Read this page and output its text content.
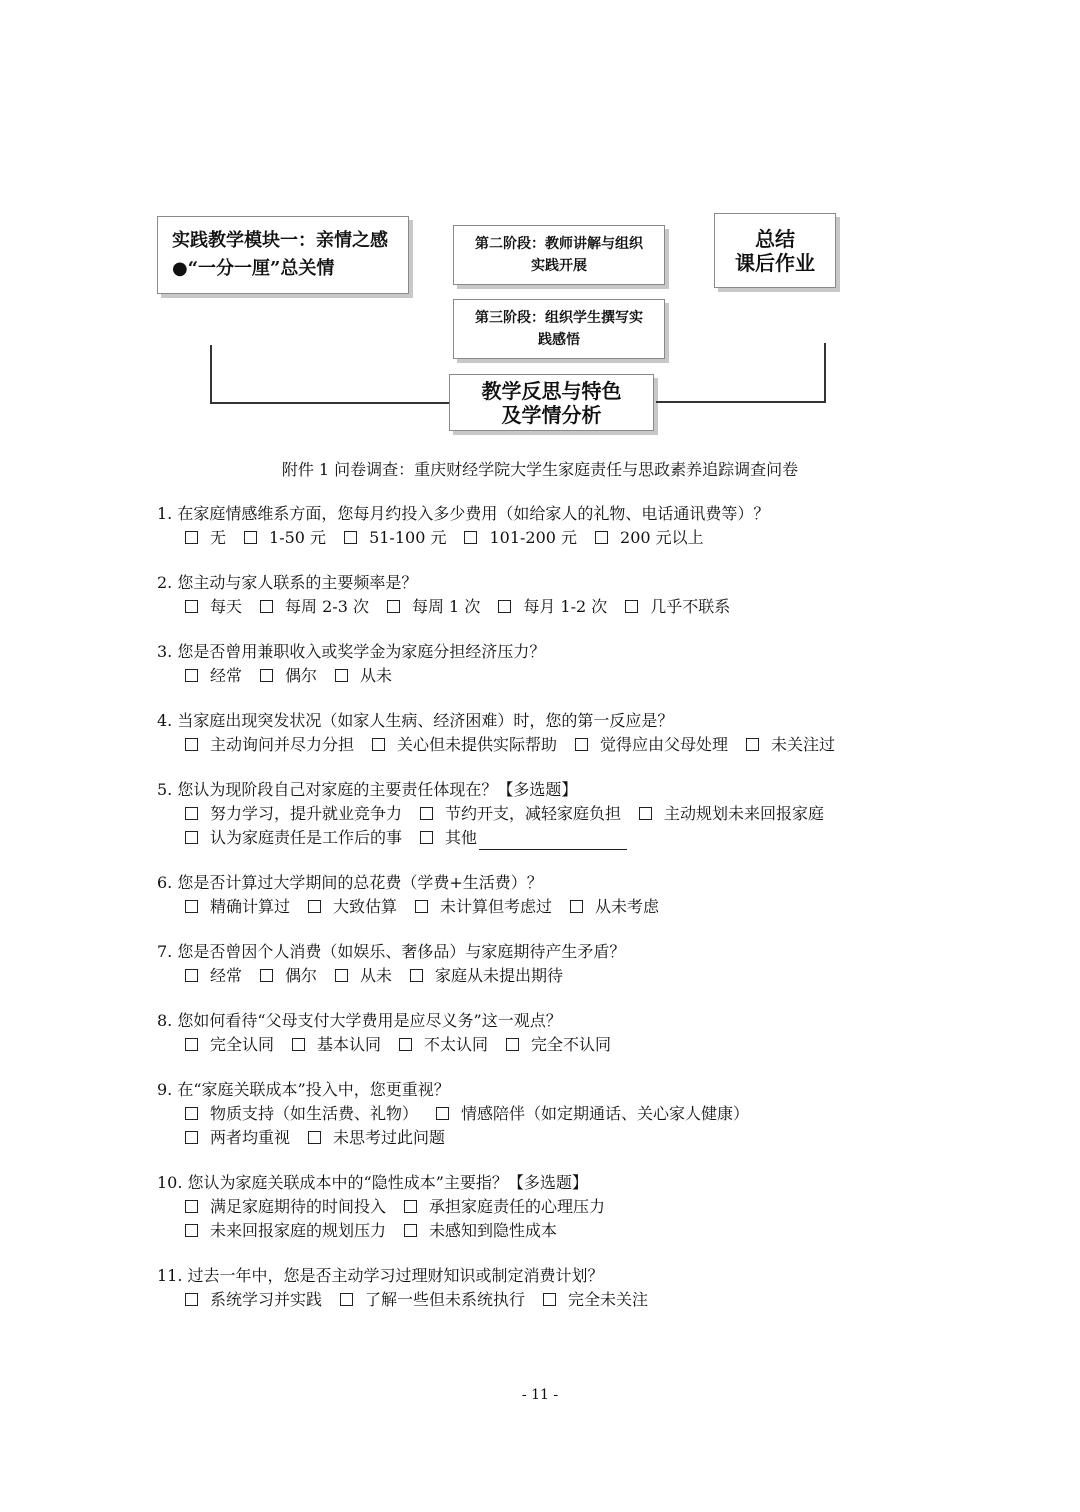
实践教学模块一：亲情之感
●“一分一厘”总关情
第二阶段：教师讲解与组织
实践开展
第三阶段：组织学生撰写实
践感悟
总结
课后作业
教学反思与特色
及学情分析
附件 1 问卷调查：重庆财经学院大学生家庭责任与思政素养追踪调查问卷
1. 在家庭情感维系方面，您每月约投入多少费用（如给家人的礼物、电话通讯费等）？
无	1-50 元	51-100 元	101-200 元	200 元以上
2. 您主动与家人联系的主要频率是？
每天	每周 2-3 次	每周 1 次	每月 1-2 次	几乎不联系
3. 您是否曾用兼职收入或奖学金为家庭分担经济压力？
经常	偶尔	从未
4. 当家庭出现突发状况（如家人生病、经济困难）时，您的第一反应是？
主动询问并尽力分担	关心但未提供实际帮助	觉得应由父母处理	未关注过
5. 您认为现阶段自己对家庭的主要责任体现在？【多选题】
努力学习，提升就业竞争力	节约开支，减轻家庭负担	主动规划未来回报家庭
认为家庭责任是工作后的事	其他
6. 您是否计算过大学期间的总花费（学费+生活费）？
精确计算过	大致估算	未计算但考虑过	从未考虑
7. 您是否曾因个人消费（如娱乐、奢侈品）与家庭期待产生矛盾？
经常	偶尔	从未	家庭从未提出期待
8. 您如何看待“父母支付大学费用是应尽义务”这一观点？
完全认同	基本认同	不太认同	完全不认同
9. 在“家庭关联成本”投入中，您更重视？
物质支持（如生活费、礼物）	情感陪伴（如定期通话、关心家人健康）
两者均重视	未思考过此问题
10. 您认为家庭关联成本中的“隐性成本”主要指？【多选题】
满足家庭期待的时间投入	承担家庭责任的心理压力
未来回报家庭的规划压力	未感知到隐性成本
11. 过去一年中，您是否主动学习过理财知识或制定消费计划？
系统学习并实践	了解一些但未系统执行	完全未关注
- 11 -
